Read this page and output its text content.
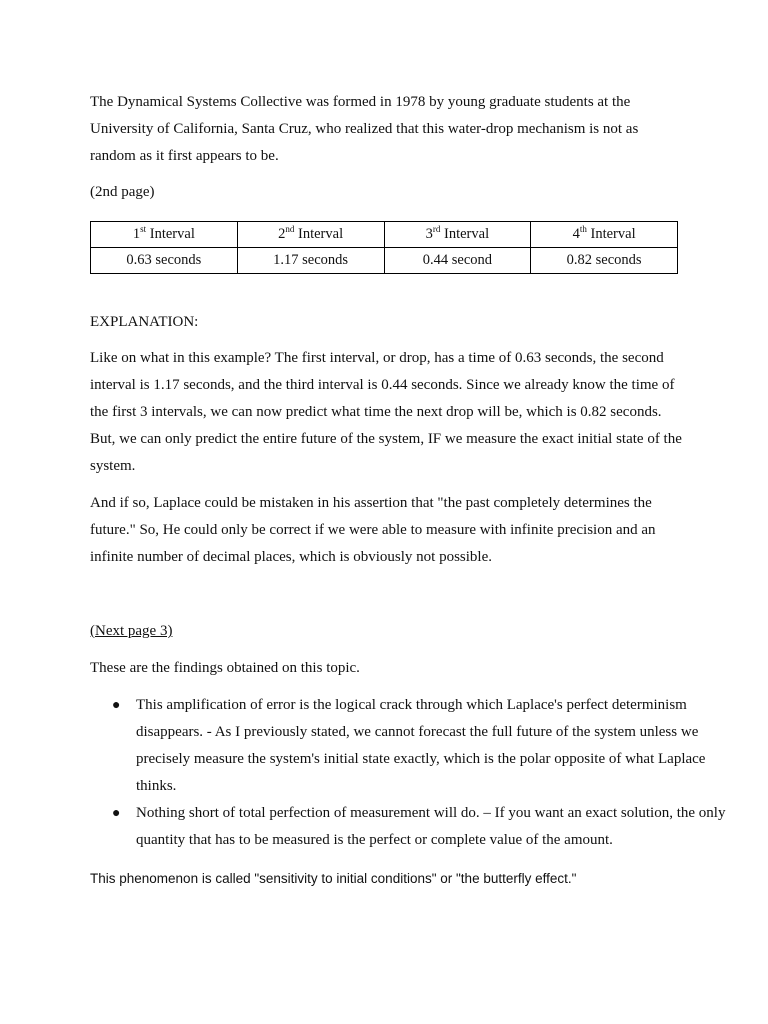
The Dynamical Systems Collective was formed in 1978 by young graduate students at the University of California, Santa Cruz, who realized that this water-drop mechanism is not as random as it first appears to be.

(2nd page)

1st Interval	2nd Interval	3rd Interval	4th Interval
0.63 seconds	1.17 seconds	0.44 second	0.82 seconds

EXPLANATION:

Like on what in this example? The first interval, or drop, has a time of 0.63 seconds, the second interval is 1.17 seconds, and the third interval is 0.44 seconds. Since we already know the time of the first 3 intervals, we can now predict what time the next drop will be, which is 0.82 seconds. But, we can only predict the entire future of the system, IF we measure the exact initial state of the system.

And if so, Laplace could be mistaken in his assertion that "the past completely determines the future." So, He could only be correct if we were able to measure with infinite precision and an infinite number of decimal places, which is obviously not possible.

(Next page 3)

These are the findings obtained on this topic.

● This amplification of error is the logical crack through which Laplace's perfect determinism disappears. - As I previously stated, we cannot forecast the full future of the system unless we precisely measure the system's initial state exactly, which is the polar opposite of what Laplace thinks.
● Nothing short of total perfection of measurement will do. – If you want an exact solution, the only quantity that has to be measured is the perfect or complete value of the amount.

This phenomenon is called "sensitivity to initial conditions" or "the butterfly effect."
